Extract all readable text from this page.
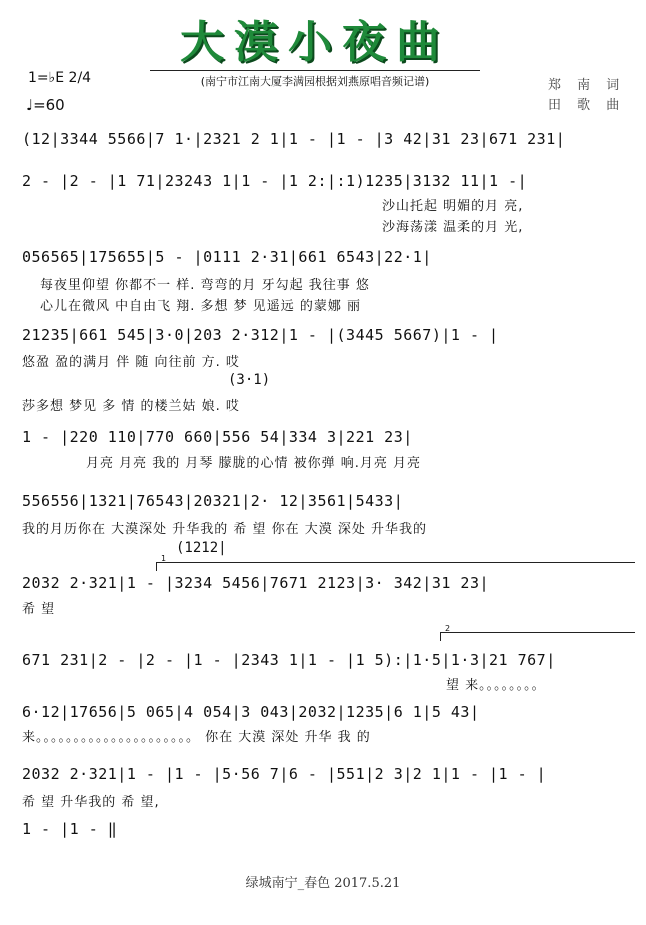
大漠小夜曲
(南宁市江南大厦李满园根据刘燕原唱音频记谱)
1=♭E 2/4
♩=60
郑 南 词
田 歌 曲
(12|3344 5566|7 1·|2321 2 1|1 - |1 - |3 42|31 23|671 231|
2 - |2 - |1 71|23243 1|1 - |1 2:|:1)1235|3132 11|1 -|
沙山托起 明媚的月 亮,
沙海荡漾 温柔的月 光,
056565|175655|5 - |0111 2·31|661 6543|22·1|
每夜里仰望 你都不一 样. 弯弯的月 牙勾起 我往事 悠
心儿在微风 中自由飞 翔. 多想 梦 见遥远 的蒙娜 丽
21235|661 545|3·0|203 2·312|1 - |(3445 5667)|1 - |
悠盈 盈的满月 伴 随 向往前 方. 哎
(3·1)
莎多想 梦见 多 情 的楼兰姑 娘. 哎
1 - |220 110|770 660|556 54|334 3|221 23|
月亮 月亮 我的 月琴 朦胧的心情 被你弹 响.月亮 月亮
556556|1321|76543|20321|2· 12|3561|5433|
我的月历你在 大漠深处 升华我的 希 望 你在 大漠 深处 升华我的
(1212|
1
2032 2·321|1 - |3234 5456|7671 2123|3· 342|31 23|
希 望
2
671 231|2 - |2 - |1 - |2343 1|1 - |1 5):|1·5|1·3|21 767|
望 来。。。。。。。。
6·12|17656|5 065|4 054|3 043|2032|1235|6 1|5 43|
来。。。。。。。。。。。。。。。。。。。。。 你在 大漠 深处 升华 我 的
2032 2·321|1 - |1 - |5·56 7|6 - |551|2 3|2 1|1 - |1 - |
希 望 升华我的 希 望,
1 - |1 - ‖
绿城南宁_春色 2017.5.21
